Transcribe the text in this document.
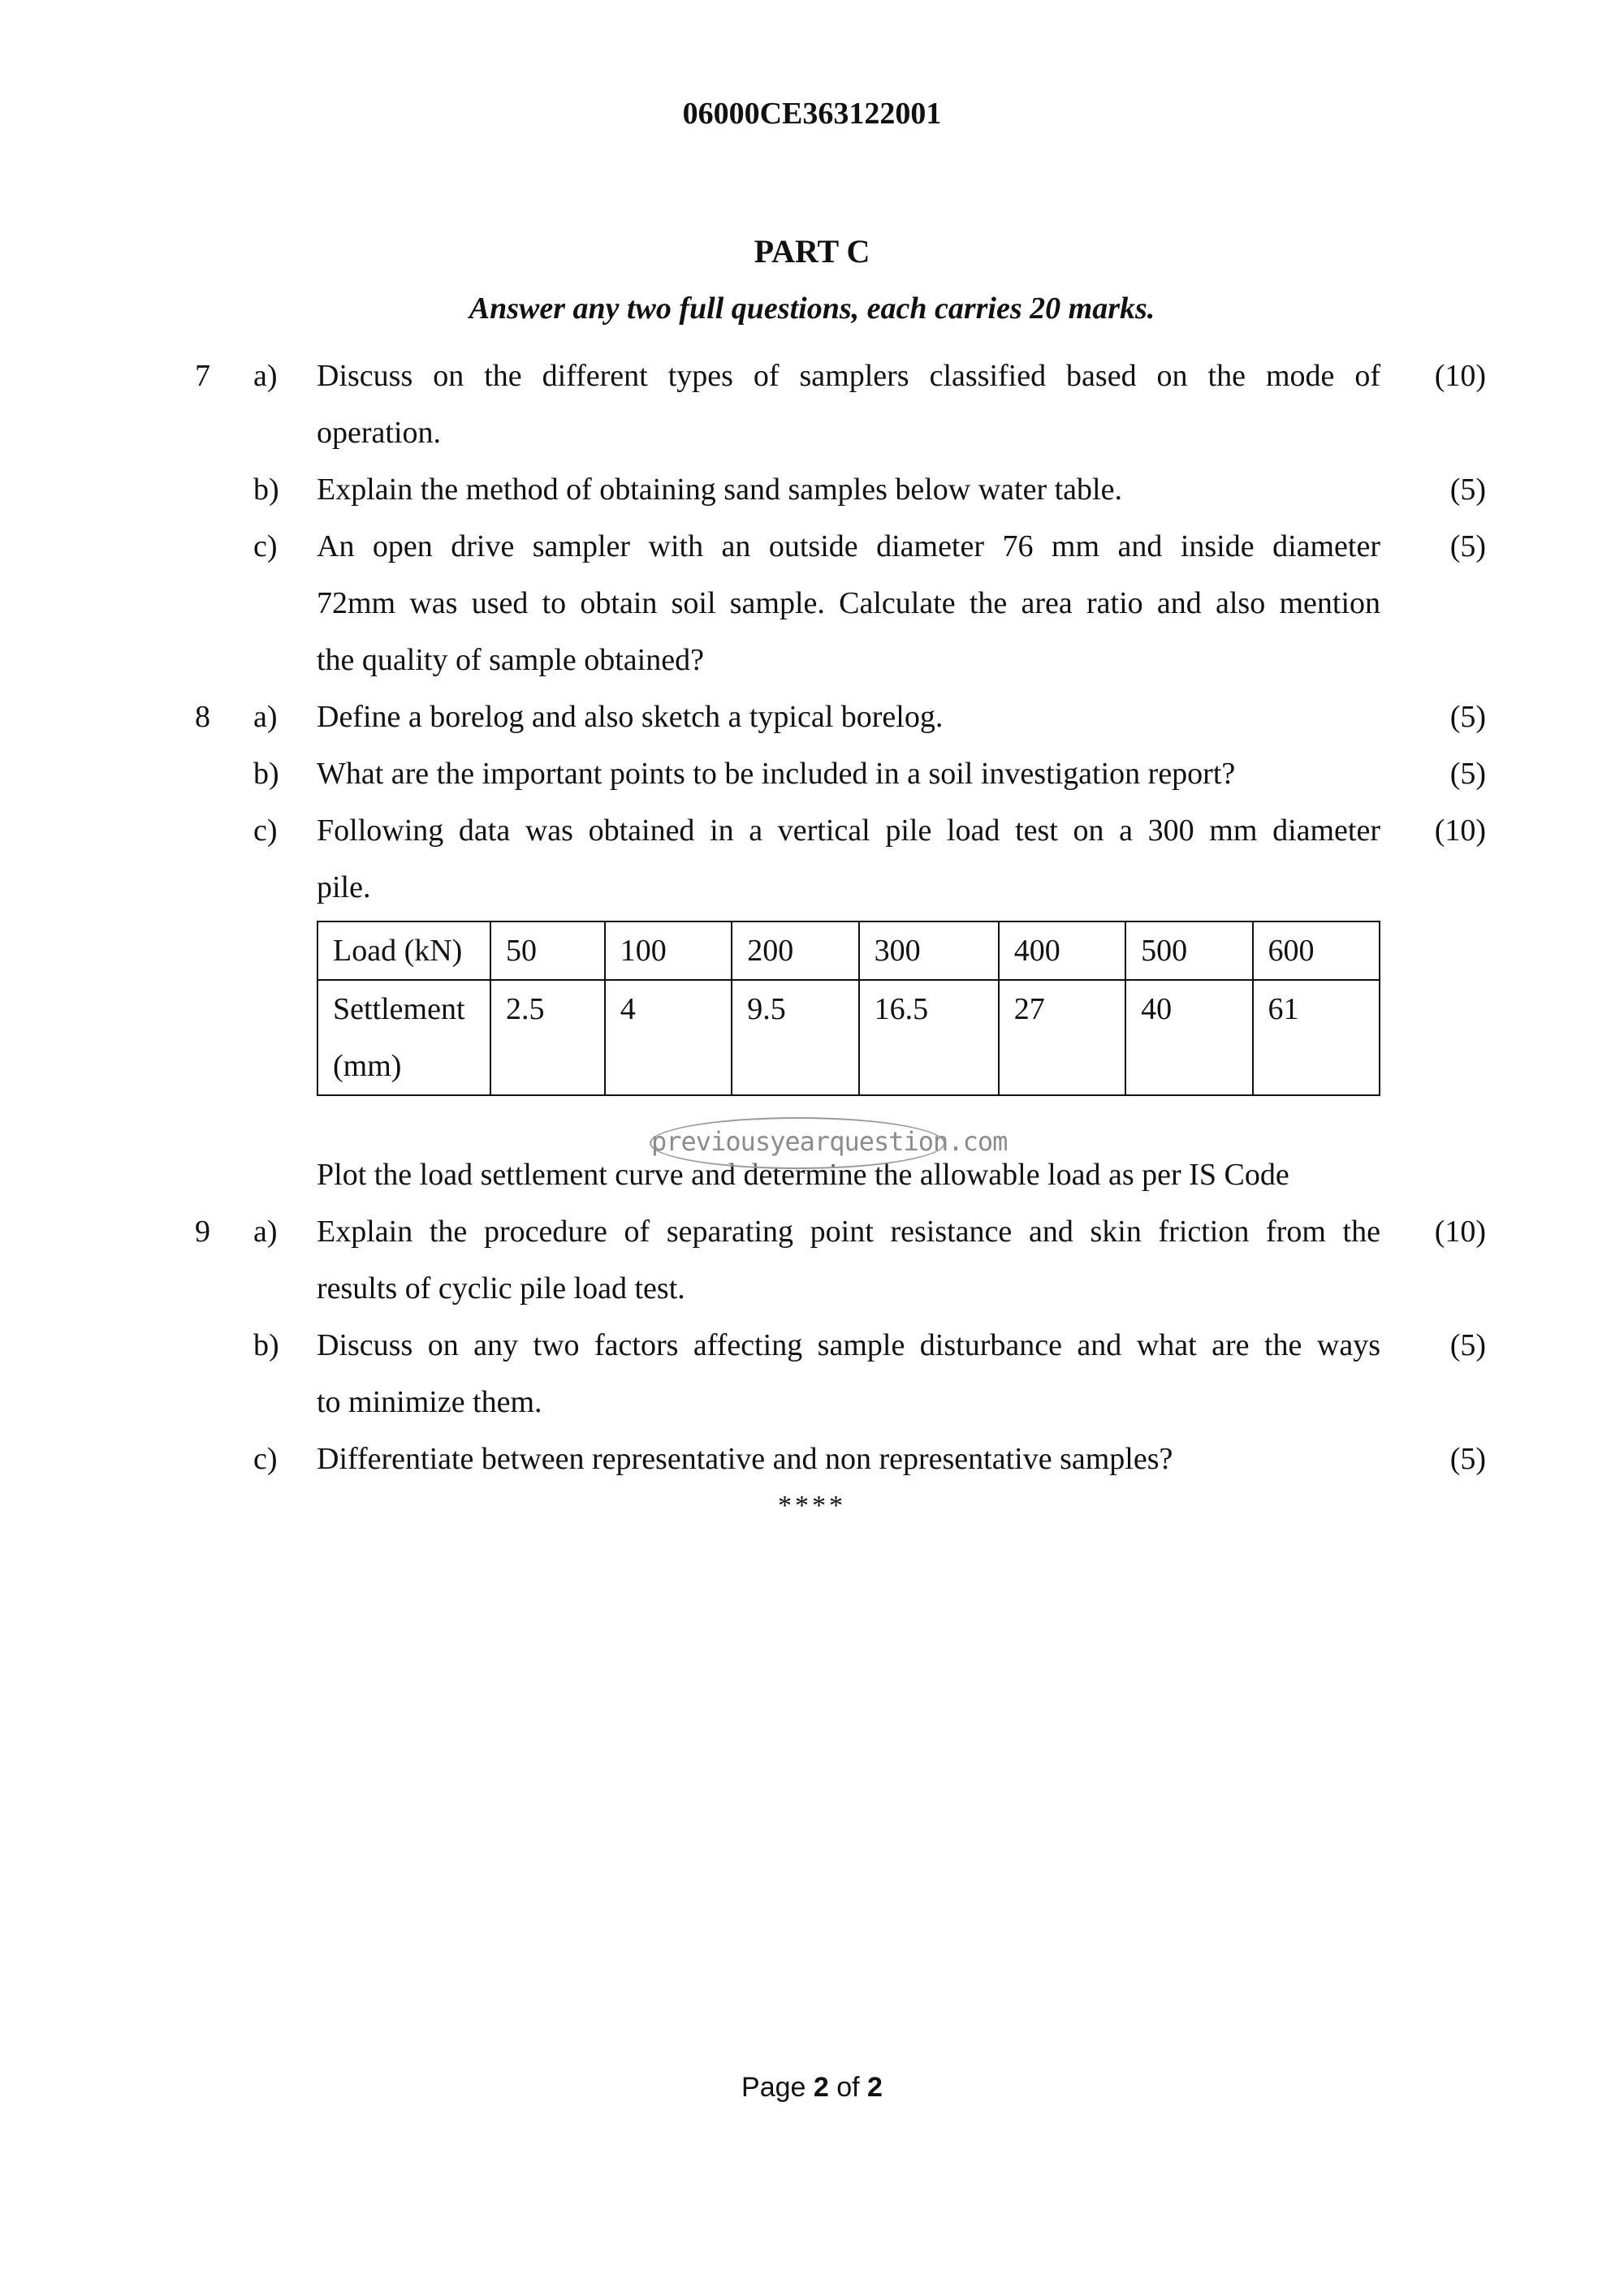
06000CE363122001
PART C
Answer any two full questions, each carries 20 marks.
7	a)	Discuss on the different types of samplers classified based on the mode of	(10)
operation.
b)	Explain the method of obtaining sand samples below water table.	(5)
c)	An open drive sampler with an outside diameter 76 mm and inside diameter	(5)
72mm was used to obtain soil sample. Calculate the area ratio and also mention
the quality of sample obtained?
8	a)	Define a borelog and also sketch a typical borelog.	(5)
b)	What are the important points to be included in a soil investigation report?	(5)
c)	Following data was obtained in a vertical pile load test on a 300 mm diameter	(10)
pile.
Load (kN)	50	100	200	300	400	500	600
Settlement
(mm)	2.5	4	9.5	16.5	27	40	61
Plot the load settlement curve and determine the allowable load as per IS Code
previousyearquestion.com
9	a)	Explain the procedure of separating point resistance and skin friction from the	(10)
results of cyclic pile load test.
b)	Discuss on any two factors affecting sample disturbance and what are the ways	(5)
to minimize them.
c)	Differentiate between representative and non representative samples?	(5)
****
Page 2 of 2
